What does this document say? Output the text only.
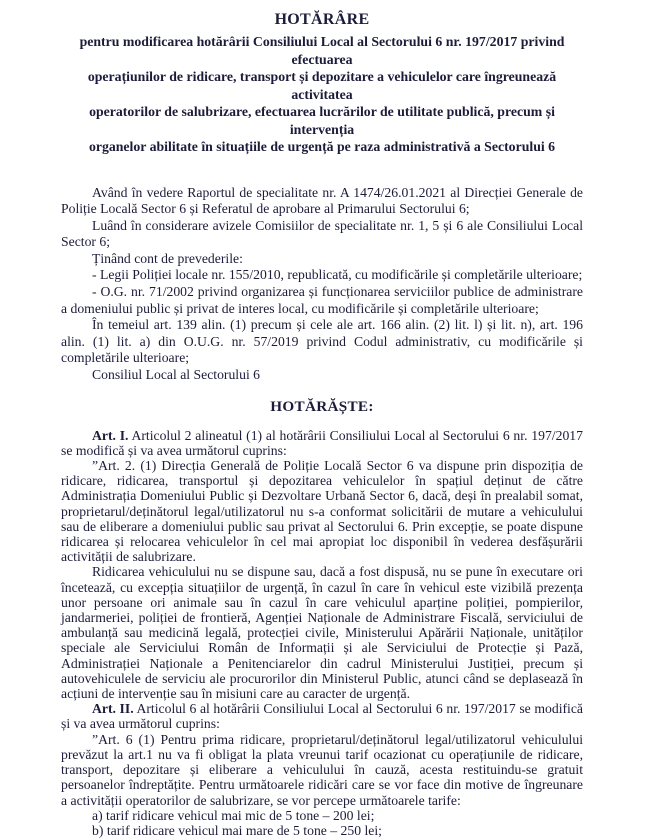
HOTĂRÂRE
pentru modificarea hotărârii Consiliului Local al Sectorului 6 nr. 197/2017 privind efectuarea
operațiunilor de ridicare, transport și depozitare a vehiculelor care îngreunează activitatea
operatorilor de salubrizare, efectuarea lucrărilor de utilitate publică, precum și intervenția
organelor abilitate în situațiile de urgență pe raza administrativă a Sectorului 6

Având în vedere Raportul de specialitate nr. A 1474/26.01.2021 al Direcției Generale de Poliție Locală Sector 6 și Referatul de aprobare al Primarului Sectorului 6;

Luând în considerare avizele Comisiilor de specialitate nr. 1, 5 și 6 ale Consiliului Local Sector 6;

Ținând cont de prevederile:

- Legii Poliției locale nr. 155/2010, republicată, cu modificările și completările ulterioare;

- O.G. nr. 71/2002 privind organizarea și funcționarea serviciilor publice de administrare a domeniului public și privat de interes local, cu modificările și completările ulterioare;

În temeiul art. 139 alin. (1) precum și cele ale art. 166 alin. (2) lit. l) și lit. n), art. 196 alin. (1) lit. a) din O.U.G. nr. 57/2019 privind Codul administrativ, cu modificările și completările ulterioare;

Consiliul Local al Sectorului 6

HOTĂRĂȘTE:

Art. I. Articolul 2 alineatul (1) al hotărârii Consiliului Local al Sectorului 6 nr. 197/2017 se modifică și va avea următorul cuprins:

”Art. 2. (1) Direcția Generală de Poliție Locală Sector 6 va dispune prin dispoziția de ridicare, ridicarea, transportul și depozitarea vehiculelor în spațiul deținut de către Administrația Domeniului Public și Dezvoltare Urbană Sector 6, dacă, deși în prealabil somat, proprietarul/deținătorul legal/utilizatorul nu s-a conformat solicitării de mutare a vehiculului sau de eliberare a domeniului public sau privat al Sectorului 6. Prin excepție, se poate dispune ridicarea și relocarea vehiculelor în cel mai apropiat loc disponibil în vederea desfășurării activității de salubrizare.

Ridicarea vehiculului nu se dispune sau, dacă a fost dispusă, nu se pune în executare ori încetează, cu excepția situațiilor de urgență, în cazul în care în vehicul este vizibilă prezența unor persoane ori animale sau în cazul în care vehiculul aparține poliției, pompierilor, jandarmeriei, poliției de frontieră, Agenției Naționale de Administrare Fiscală, serviciului de ambulanță sau medicină legală, protecției civile, Ministerului Apărării Naționale, unităților speciale ale Serviciului Român de Informații și ale Serviciului de Protecție și Pază, Administrației Naționale a Penitenciarelor din cadrul Ministerului Justiției, precum și autovehiculele de serviciu ale procurorilor din Ministerul Public, atunci când se deplasează în acțiuni de intervenție sau în misiuni care au caracter de urgență.

Art. II. Articolul 6 al hotărârii Consiliului Local al Sectorului 6 nr. 197/2017 se modifică și va avea următorul cuprins:

”Art. 6 (1) Pentru prima ridicare, proprietarul/deținătorul legal/utilizatorul vehiculului prevăzut la art.1 nu va fi obligat la plata vreunui tarif ocazionat cu operațiunile de ridicare, transport, depozitare și eliberare a vehiculului în cauză, acesta restituindu-se gratuit persoanelor îndreptățite. Pentru următoarele ridicări care se vor face din motive de îngreunare a activității operatorilor de salubrizare, se vor percepe următoarele tarife:

a) tarif ridicare vehicul mai mic de 5 tone – 200 lei;

b) tarif ridicare vehicul mai mare de 5 tone – 250 lei;
